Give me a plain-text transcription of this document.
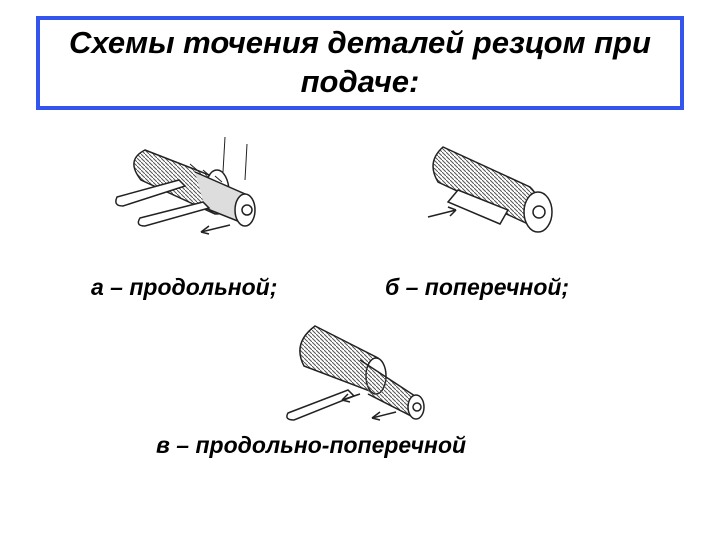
Схемы точения деталей резцом при
подаче:

а – продольной;	б – поперечной;

в – продольно-поперечной
